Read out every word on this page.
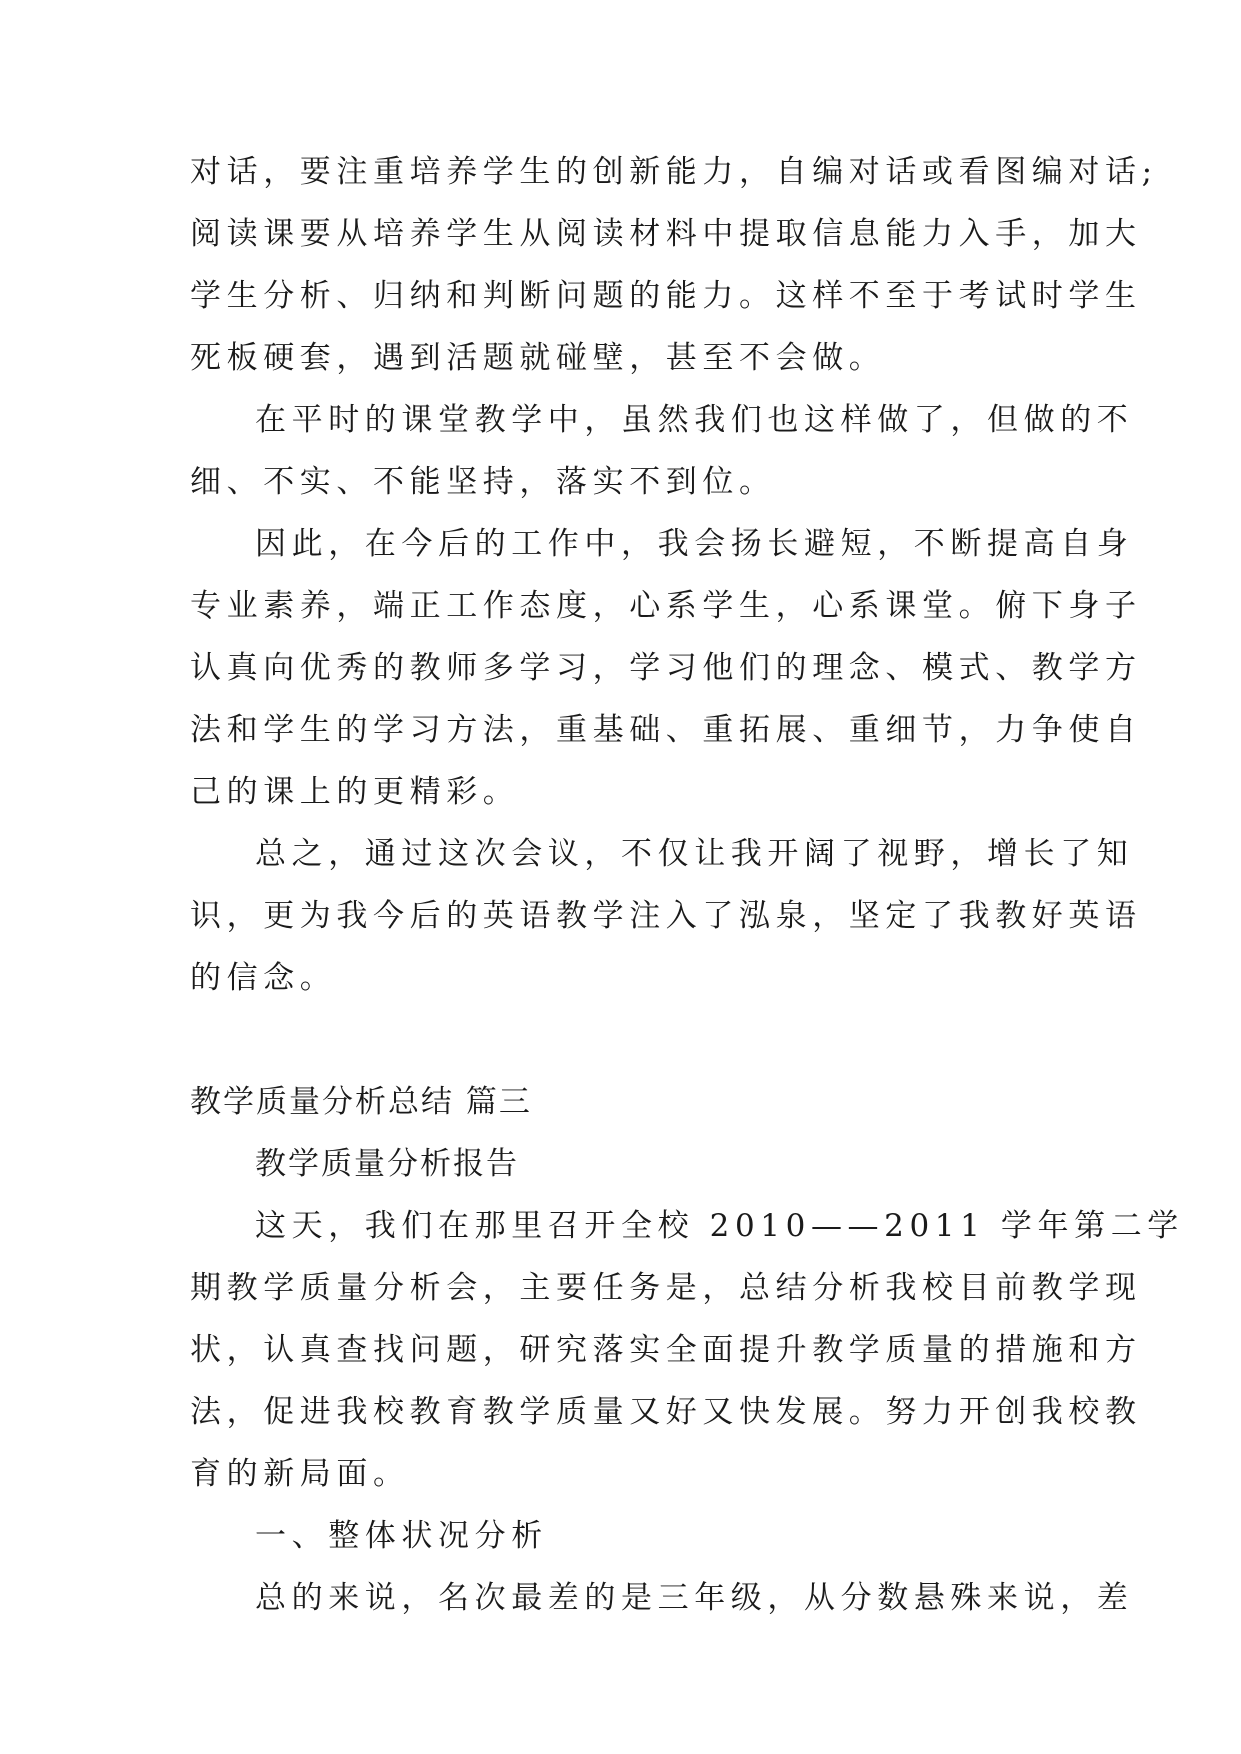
对话，要注重培养学生的创新能力，自编对话或看图编对话;
阅读课要从培养学生从阅读材料中提取信息能力入手，加大
学生分析、归纳和判断问题的能力。这样不至于考试时学生
死板硬套，遇到活题就碰壁，甚至不会做。
在平时的课堂教学中，虽然我们也这样做了，但做的不
细、不实、不能坚持，落实不到位。
因此，在今后的工作中，我会扬长避短，不断提高自身
专业素养，端正工作态度，心系学生，心系课堂。俯下身子
认真向优秀的教师多学习，学习他们的理念、模式、教学方
法和学生的学习方法，重基础、重拓展、重细节，力争使自
己的课上的更精彩。
总之，通过这次会议，不仅让我开阔了视野，增长了知
识，更为我今后的英语教学注入了泓泉，坚定了我教好英语
的信念。
教学质量分析总结 篇三
教学质量分析报告
这天，我们在那里召开全校 2010——2011 学年第二学
期教学质量分析会，主要任务是，总结分析我校目前教学现
状，认真查找问题，研究落实全面提升教学质量的措施和方
法，促进我校教育教学质量又好又快发展。努力开创我校教
育的新局面。
一、整体状况分析
总的来说，名次最差的是三年级，从分数悬殊来说，差
